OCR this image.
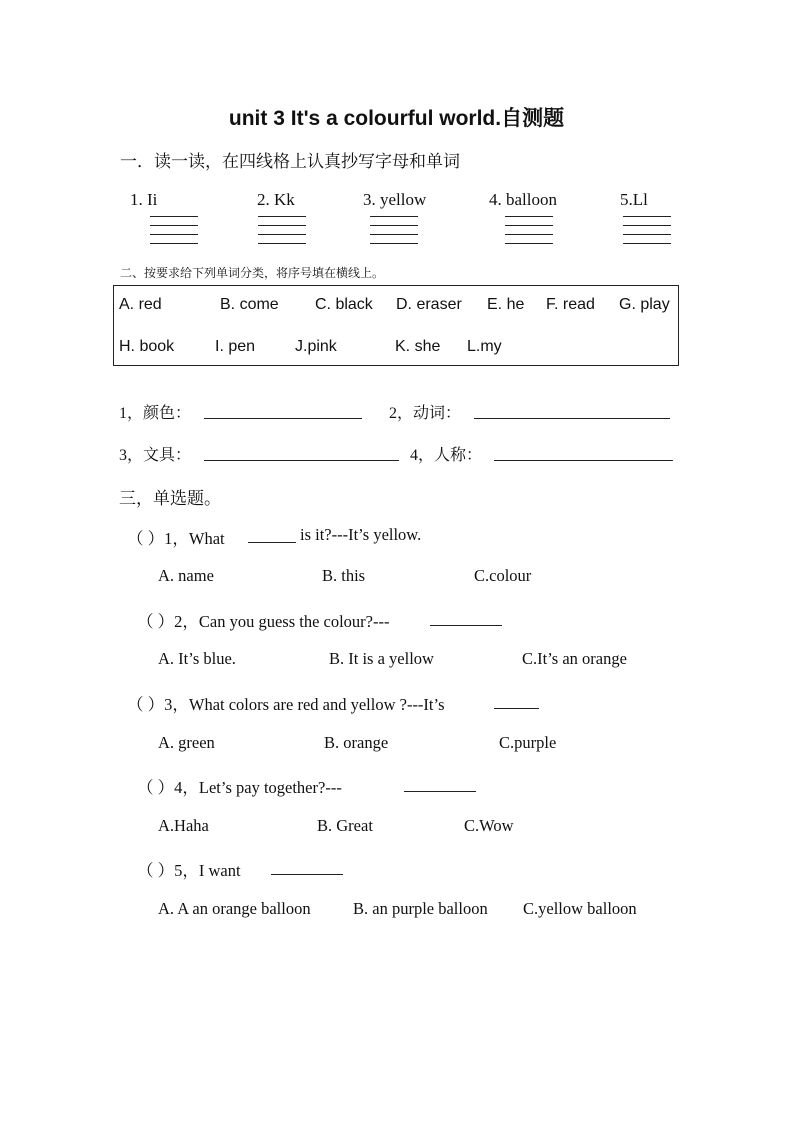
unit 3 It's a colourful world.自测题
一．读一读，在四线格上认真抄写字母和单词
1. Ii	2. Kk	3. yellow	4. balloon	5.Ll
二、按要求给下列单词分类，将序号填在横线上。
A. red	B. come C. black D. eraser E. he F. read G. play
H. book	I. pen J.pink	K. she L.my
1，颜色：	2，动词：
3，文具：	4，人称：
三，单选题。
（ ）1，What	is it?---It’s yellow.
A. name	B. this	C.colour
（ ）2，Can you guess the colour?---
A. It’s blue.	B. It is a yellow	C.It’s an orange
（ ）3，What colors are red and yellow ?---It’s
A. green	B. orange	C.purple
（ ）4，Let’s pay together?---
A.Haha	B. Great	C.Wow
（ ）5，I want
A. A an orange balloon	B. an purple balloon C.yellow balloon
